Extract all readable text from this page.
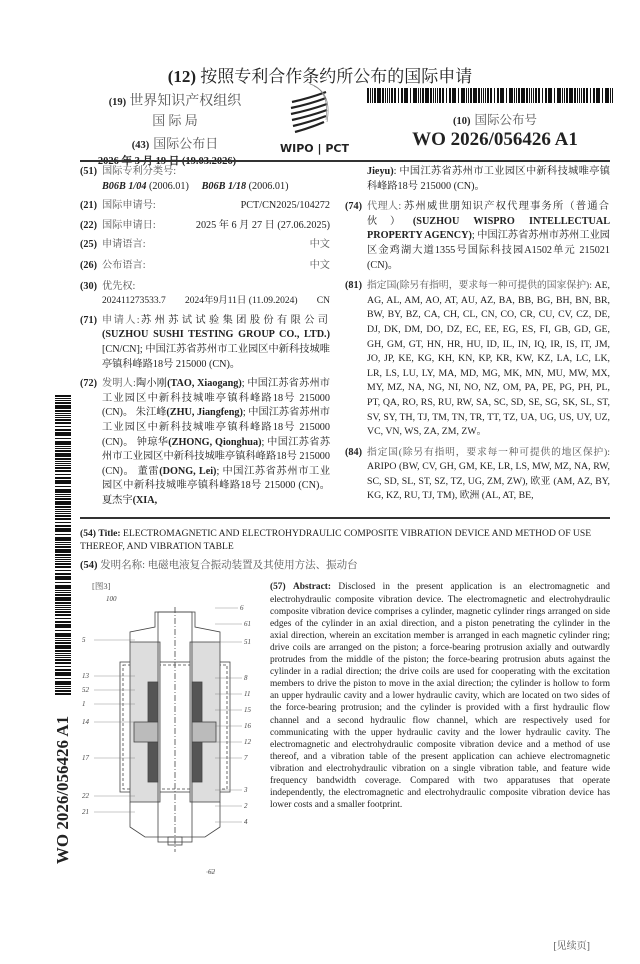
(12) 按照专利合作条约所公布的国际申请
(19) 世界知识产权组织
国 际 局
(43) 国际公布日	WIPO | PCT
(10) 国际公布号
WO 2026/056426 A1
(51) 国际专利分类号:
B06B 1/04 (2006.01) B06B 1/18 (2006.01)
(21) 国际申请号:	PCT/CN2025/104272
(22) 国际申请日:	2025 年 6 月 27 日 (27.06.2025)
(25) 申请语言:	中文
(26) 公布语言:	中文
(30) 优先权:
202411273533.7 2024年9月11日 (11.09.2024) CN
(71) 申请人:苏州苏试试验集团股份有限公司 (SUZHOU SUSHI TESTING GROUP CO., LTD.) [CN/CN]; 中国江苏省苏州市工业园区中新科技城唯亭镇科峰路18号 215000 (CN)。
(72) 发明人:陶小刚(TAO, Xiaogang); 中国江苏省苏州市工业园区中新科技城唯亭镇科峰路18号 215000 (CN)。 朱江峰(ZHU, Jiangfeng); 中国江苏省苏州市工业园区中新科技城唯亭镇科峰路18号 215000 (CN)。 钟琼华(ZHONG, Qionghua); 中国江苏省苏州市工业园区中新科技城唯亭镇科峰路18号 215000 (CN)。 董雷(DONG, Lei); 中国江苏省苏州市工业园区中新科技城唯亭镇科峰路18号 215000 (CN)。 夏杰宇(XIA,
Jieyu): 中国江苏省苏州市工业园区中新科技城唯亭镇科峰路18号 215000 (CN)。
(74) 代理人: 苏州威世朋知识产权代理事务所（普通合伙）(SUZHOU WISPRO INTELLECTUAL PROPERTY AGENCY); 中国江苏省苏州市苏州工业园区金鸡湖大道1355号国际科技园A1502单元 215021 (CN)。
(81) 指定国(除另有指明，要求每一种可提供的国家保护): AE, AG, AL, AM, AO, AT, AU, AZ, BA, BB, BG, BH, BN, BR, BW, BY, BZ, CA, CH, CL, CN, CO, CR, CU, CV, CZ, DE, DJ, DK, DM, DO, DZ, EC, EE, EG, ES, FI, GB, GD, GE, GH, GM, GT, HN, HR, HU, ID, IL, IN, IQ, IR, IS, IT, JM, JO, JP, KE, KG, KH, KN, KP, KR, KW, KZ, LA, LC, LK, LR, LS, LU, LY, MA, MD, MG, MK, MN, MU, MW, MX, MY, MZ, NA, NG, NI, NO, NZ, OM, PA, PE, PG, PH, PL, PT, QA, RO, RS, RU, RW, SA, SC, SD, SE, SG, SK, SL, ST, SV, SY, TH, TJ, TM, TN, TR, TT, TZ, UA, UG, US, UY, UZ, VC, VN, WS, ZA, ZM, ZW。
(84) 指定国(除另有指明，要求每一种可提供的地区保护): ARIPO (BW, CV, GH, GM, KE, LR, LS, MW, MZ, NA, RW, SC, SD, SL, ST, SZ, TZ, UG, ZM, ZW), 欧亚 (AM, AZ, BY, KG, KZ, RU, TJ, TM), 欧洲 (AL, AT, BE,
(54) Title: ELECTROMAGNETIC AND ELECTROHYDRAULIC COMPOSITE VIBRATION DEVICE AND METHOD OF USE THEREOF, AND VIBRATION TABLE
(54) 发明名称: 电磁电液复合振动装置及其使用方法、振动台
[图3]
100
6
61
5	51
13
52
1
14
17
22
21
8
11
15
16
12
7
3
2
4
62
(57) Abstract: Disclosed in the present application is an electromagnetic and electrohydraulic composite vibration device. The electromagnetic and electrohydraulic composite vibration device comprises a cylinder, magnetic cylinder rings arranged on side edges of the cylinder in an axial direction, and a piston penetrating the cylinder in the axial direction, wherein an excitation member is arranged in each magnetic cylinder ring; drive coils are arranged on the piston; a force-bearing protrusion axially and outwardly protrudes from the middle of the piston; the force-bearing protrusion abuts against the cylinder in a radial direction; the drive coils are used for cooperating with the excitation members to drive the piston to move in the axial direction; the cylinder is hollow to form an upper hydraulic cavity and a lower hydraulic cavity, which are located on two sides of the force-bearing protrusion; and the cylinder is provided with a first hydraulic flow channel and a second hydraulic flow channel, which are respectively used for communicating with the upper hydraulic cavity and the lower hydraulic cavity. The electromagnetic and electrohydraulic composite vibration device and a method of use thereof, and a vibration table of the present application can achieve electromagnetic vibration and electrohydraulic vibration on a single vibration table, and feature wide frequency bandwidth coverage. Compared with two apparatuses that operate independently, the electromagnetic and electrohydraulic composite vibration device has lower costs and a smaller footprint.
[见续页]
WO 2026/056426 A1
